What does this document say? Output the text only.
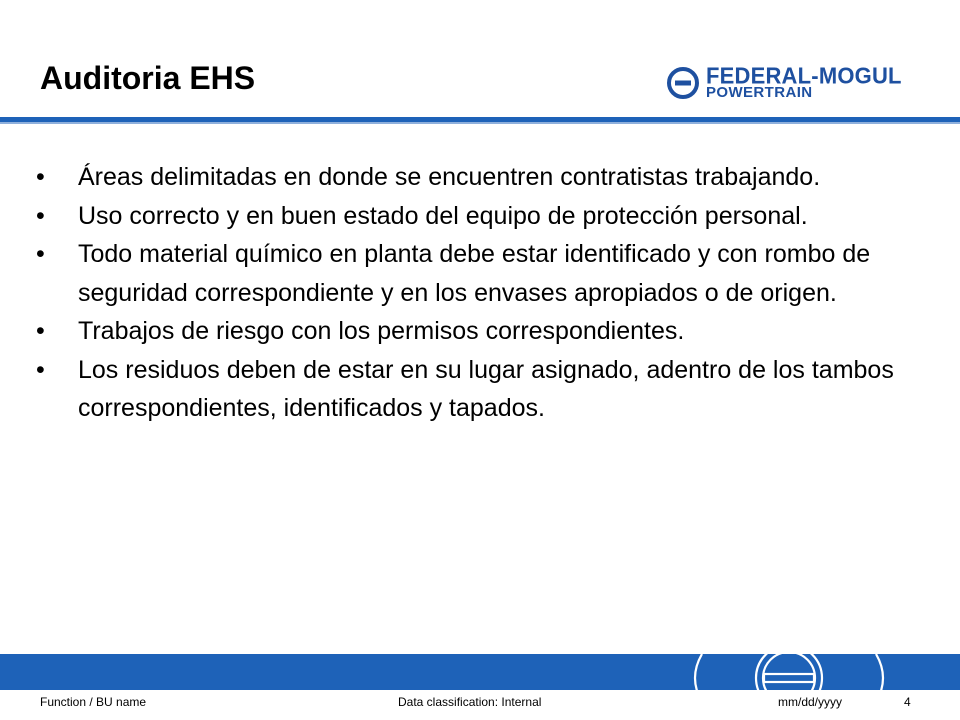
Auditoria EHS	FEDERAL-MOGUL
POWERTRAIN
•	Áreas delimitadas en donde se encuentren contratistas trabajando.
•	Uso correcto y en buen estado del equipo de protección personal.
•	Todo material químico en planta debe estar identificado y con rombo de seguridad correspondiente y en los envases apropiados o de origen.
•	Trabajos de riesgo con los permisos correspondientes.
•	Los residuos deben de estar en su lugar asignado, adentro de los tambos correspondientes, identificados y tapados.
Function / BU name	Data classification: Internal	mm/dd/yyyy	4
